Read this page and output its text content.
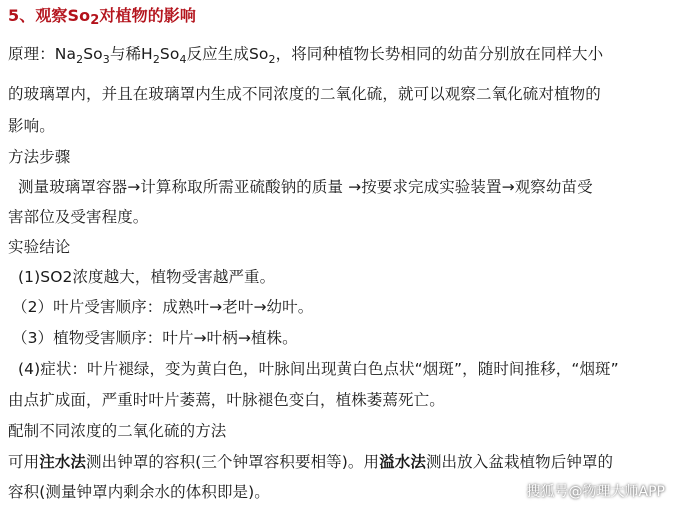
5、观察$So_2$对植物的影响
原理：$Na_2So_3$与稀$H_2So_4$反应生成$So_2$，将同种植物长势相同的幼苗分别放在同样大小
的玻璃罩内，并且在玻璃罩内生成不同浓度的二氧化硫，就可以观察二氧化硫对植物的
影响。
方法步骤
测量玻璃罩容器→计算称取所需亚硫酸钠的质量 →按要求完成实验装置→观察幼苗受
害部位及受害程度。
实验结论
(1)SO2浓度越大，植物受害越严重。
（2）叶片受害顺序：成熟叶→老叶→幼叶。
（3）植物受害顺序：叶片→叶柄→植株。
(4)症状：叶片褪绿，变为黄白色，叶脉间出现黄白色点状“烟斑”，随时间推移，“烟斑”
由点扩成面，严重时叶片萎蔫，叶脉褪色变白，植株萎蔫死亡。
配制不同浓度的二氧化硫的方法
可用注水法测出钟罩的容积(三个钟罩容积要相等)。用溢水法测出放入盆栽植物后钟罩的
容积(测量钟罩内剩余水的体积即是)。	搜狐号@物理大师APP
